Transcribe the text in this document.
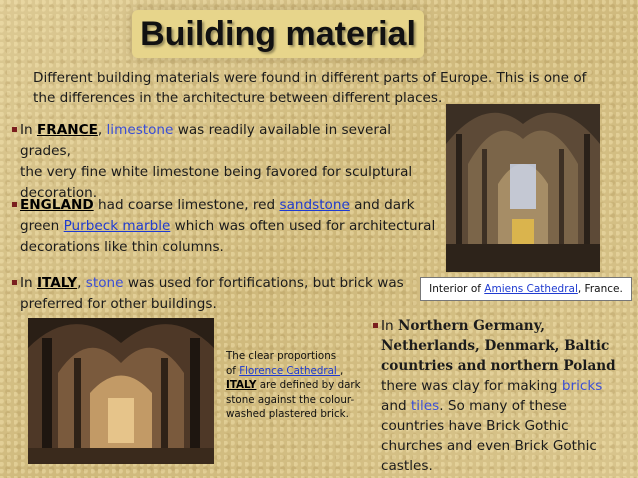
Building material
Different building materials were found in different parts of Europe. This is one of the differences in the architecture between different places.
In FRANCE, limestone was readily available in several grades,
the very fine white limestone being favored for sculptural
decoration.
ENGLAND had coarse limestone, red sandstone and dark
green Purbeck marble which was often used for architectural
decorations like thin columns.
In ITALY, stone was used for fortifications, but brick was
preferred for other buildings.
Interior of Amiens Cathedral, France.
The clear proportions
of Florence Cathedral ,
ITALY are defined by dark
stone against the colour-
washed plastered brick.
In Northern Germany, Netherlands, Denmark, Baltic countries and northern Poland there was clay for making bricks and tiles. So many of these countries have Brick Gothic churches and even Brick Gothic castles.
